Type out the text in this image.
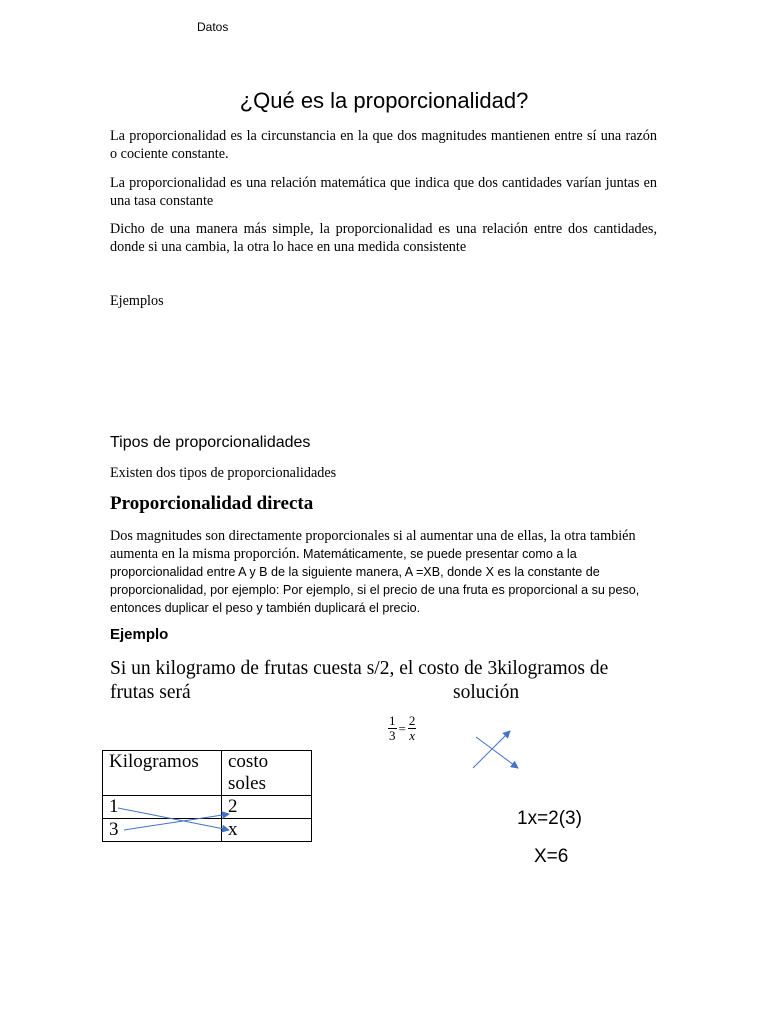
Datos
¿Qué es la proporcionalidad?
La proporcionalidad es la circunstancia en la que dos magnitudes mantienen entre sí una razón o cociente constante.
La proporcionalidad es una relación matemática que indica que dos cantidades varían juntas en una tasa constante
Dicho de una manera más simple, la proporcionalidad es una relación entre dos cantidades, donde si una cambia, la otra lo hace en una medida consistente
Ejemplos
Tipos de proporcionalidades
Existen dos tipos de proporcionalidades
Proporcionalidad directa
Dos magnitudes son directamente proporcionales si al aumentar una de ellas, la otra también aumenta en la misma proporción. Matemáticamente, se puede presentar como a la proporcionalidad entre A y B de la siguiente manera, A =XB, donde X es la constante de proporcionalidad, por ejemplo: Por ejemplo, si el precio de una fruta es proporcional a su peso, entonces duplicar el peso y también duplicará el precio.
Ejemplo
Si un kilogramo de frutas cuesta s/2, el costo de 3kilogramos de
frutas será	solución
$\frac{1}{3} = \frac{2}{x}$
Kilogramos	costo soles
1	2
3	x
1x=2(3)
X=6
